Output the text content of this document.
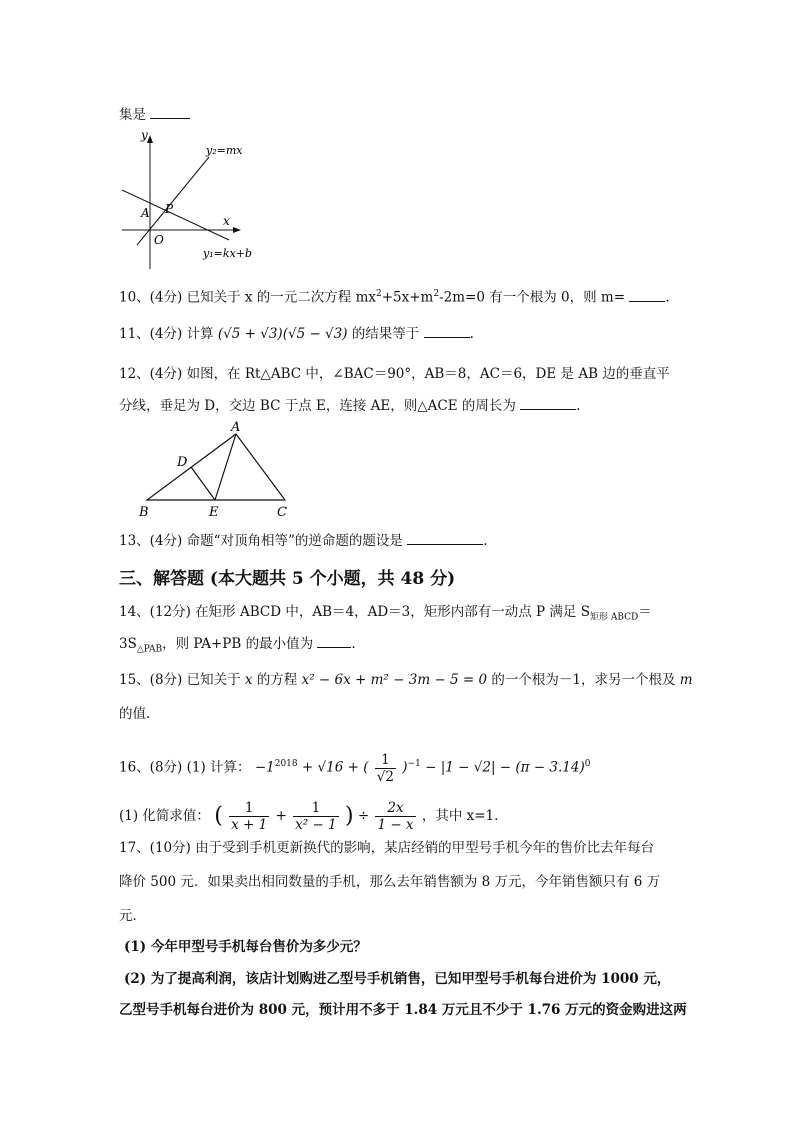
集是
y
x
y₂=mx
y₁=kx+b
A P
O
10、(4分) 已知关于 x 的一元二次方程 $mx^2+5x+m^2-2m=0$ 有一个根为 0，则 m=	.
11、(4分) 计算 (√5 + √3)(√5 − √3) 的结果等于	.
12、(4分) 如图，在 Rt△ABC 中，∠BAC＝90°，AB＝8，AC＝6，DE 是 AB 边的垂直平
分线，垂足为 D，交边 BC 于点 E，连接 AE，则△ACE 的周长为	.
A
B	C
D
E
13、(4分) 命题“对顶角相等”的逆命题的题设是	.
三、解答题 (本大题共 5 个小题，共 48 分)
14、(12分) 在矩形 ABCD 中，AB＝4，AD＝3，矩形内部有一动点 P 满足 $S_{矩形 ABCD}=$
$3S_{\triangle PAB}$，则 PA+PB 的最小值为	.
15、(8分) 已知关于 x 的方程 x² − 6x + m² − 3m − 5 = 0 的一个根为－1，求另一个根及 m
的值.
16、(8分) (1) 计算： $-1^{2018} + √16$ + ( $\frac{1}{√2} )^{-1} - |1 - √2| - (\pi - 3.14)^0$
(1) 化简求值： ( $\frac{1}{x + 1} + \frac{1}{\text{x² − 1}}$ ) ÷ $\frac{2x}{1 - x}$ ，其中 x=1.
17、(10分) 由于受到手机更新换代的影响，某店经销的甲型号手机今年的售价比去年每台
降价 500 元．如果卖出相同数量的手机，那么去年销售额为 8 万元，今年销售额只有 6 万
元．
(1) 今年甲型号手机每台售价为多少元？
(2) 为了提高利润，该店计划购进乙型号手机销售，已知甲型号手机每台进价为 1000 元，
乙型号手机每台进价为 800 元，预计用不多于 1.84 万元且不少于 1.76 万元的资金购进这两
